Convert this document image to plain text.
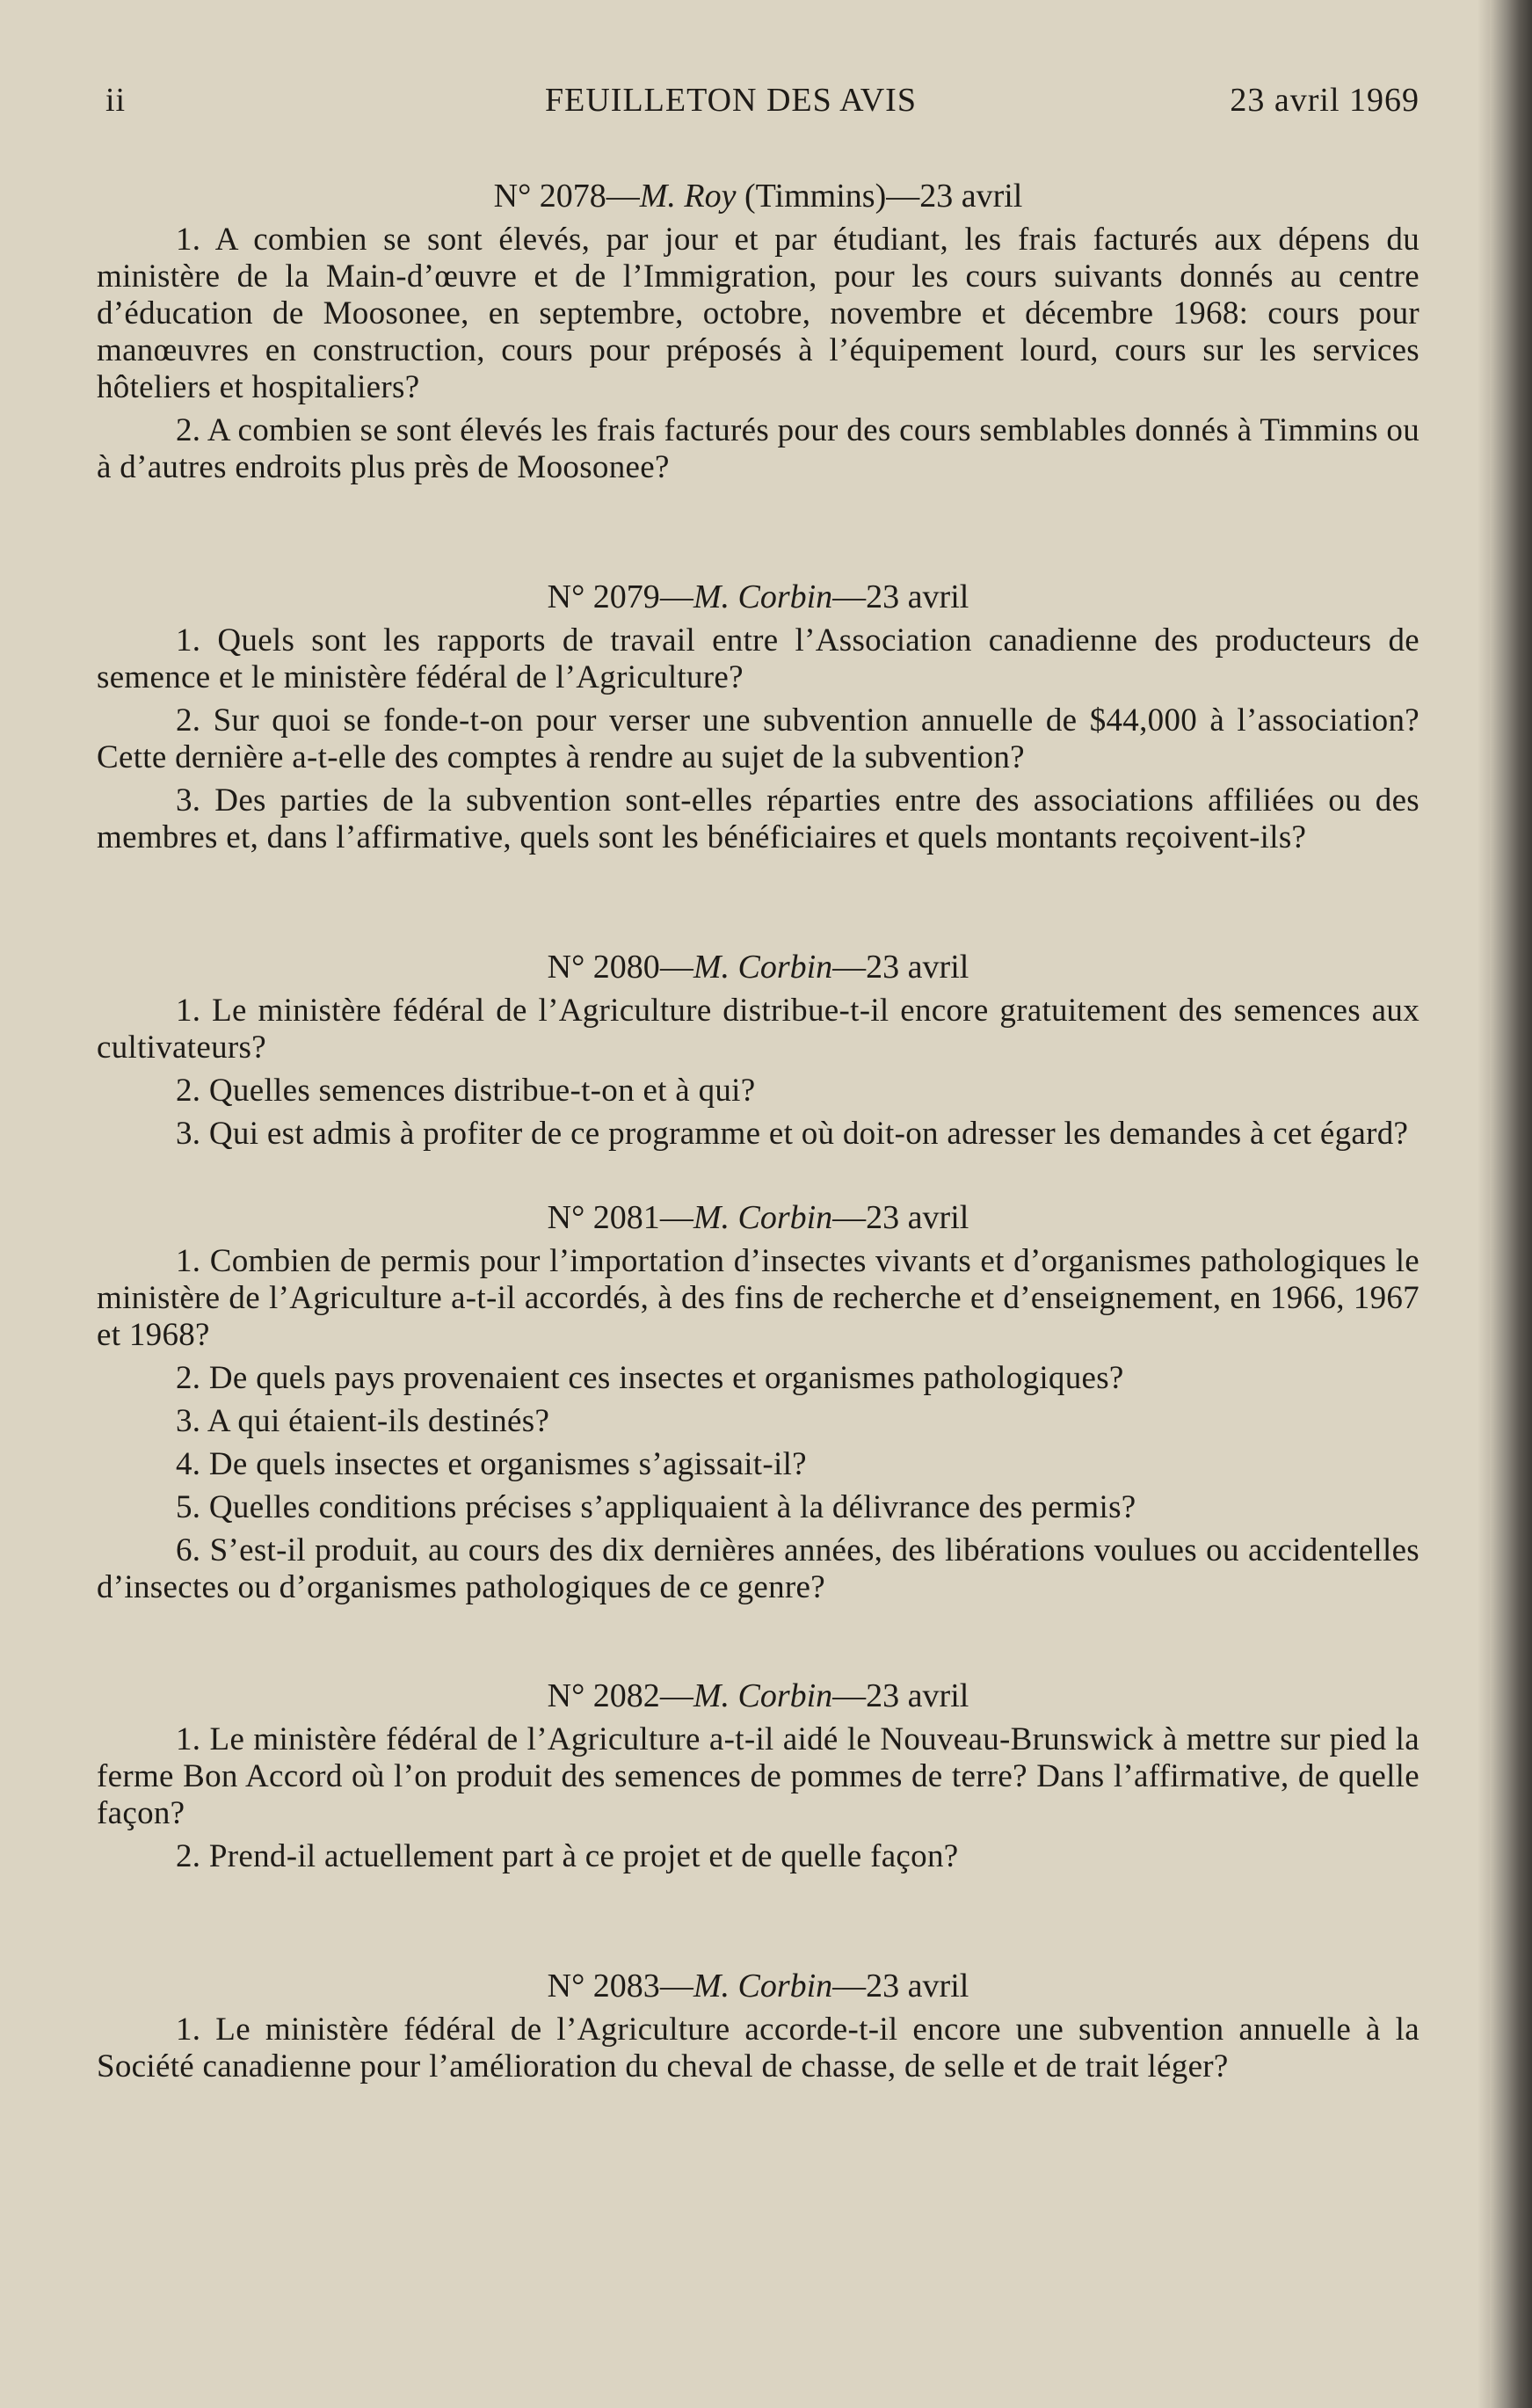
ii	FEUILLETON DES AVIS	23 avril 1969
N° 2078—M. Roy (Timmins)—23 avril

1. A combien se sont élevés, par jour et par étudiant, les frais facturés aux dépens du ministère de la Main-d’œuvre et de l’Immigration, pour les cours suivants donnés au centre d’éducation de Moosonee, en septembre, octobre, novembre et décembre 1968: cours pour manœuvres en construction, cours pour préposés à l’équipement lourd, cours sur les services hôteliers et hospitaliers?

2. A combien se sont élevés les frais facturés pour des cours semblables donnés à Timmins ou à d’autres endroits plus près de Moosonee?

N° 2079—M. Corbin—23 avril

1. Quels sont les rapports de travail entre l’Association canadienne des producteurs de semence et le ministère fédéral de l’Agriculture?

2. Sur quoi se fonde-t-on pour verser une subvention annuelle de $44,000 à l’association? Cette dernière a-t-elle des comptes à rendre au sujet de la subvention?

3. Des parties de la subvention sont-elles réparties entre des associations affiliées ou des membres et, dans l’affirmative, quels sont les bénéficiaires et quels montants reçoivent-ils?

N° 2080—M. Corbin—23 avril

1. Le ministère fédéral de l’Agriculture distribue-t-il encore gratuitement des semences aux cultivateurs?

2. Quelles semences distribue-t-on et à qui?

3. Qui est admis à profiter de ce programme et où doit-on adresser les demandes à cet égard?

N° 2081—M. Corbin—23 avril

1. Combien de permis pour l’importation d’insectes vivants et d’organismes pathologiques le ministère de l’Agriculture a-t-il accordés, à des fins de recherche et d’enseignement, en 1966, 1967 et 1968?

2. De quels pays provenaient ces insectes et organismes pathologiques?

3. A qui étaient-ils destinés?

4. De quels insectes et organismes s’agissait-il?

5. Quelles conditions précises s’appliquaient à la délivrance des permis?

6. S’est-il produit, au cours des dix dernières années, des libérations voulues ou accidentelles d’insectes ou d’organismes pathologiques de ce genre?

N° 2082—M. Corbin—23 avril

1. Le ministère fédéral de l’Agriculture a-t-il aidé le Nouveau-Brunswick à mettre sur pied la ferme Bon Accord où l’on produit des semences de pommes de terre? Dans l’affirmative, de quelle façon?

2. Prend-il actuellement part à ce projet et de quelle façon?

N° 2083—M. Corbin—23 avril

1. Le ministère fédéral de l’Agriculture accorde-t-il encore une subvention annuelle à la Société canadienne pour l’amélioration du cheval de chasse, de selle et de trait léger?
